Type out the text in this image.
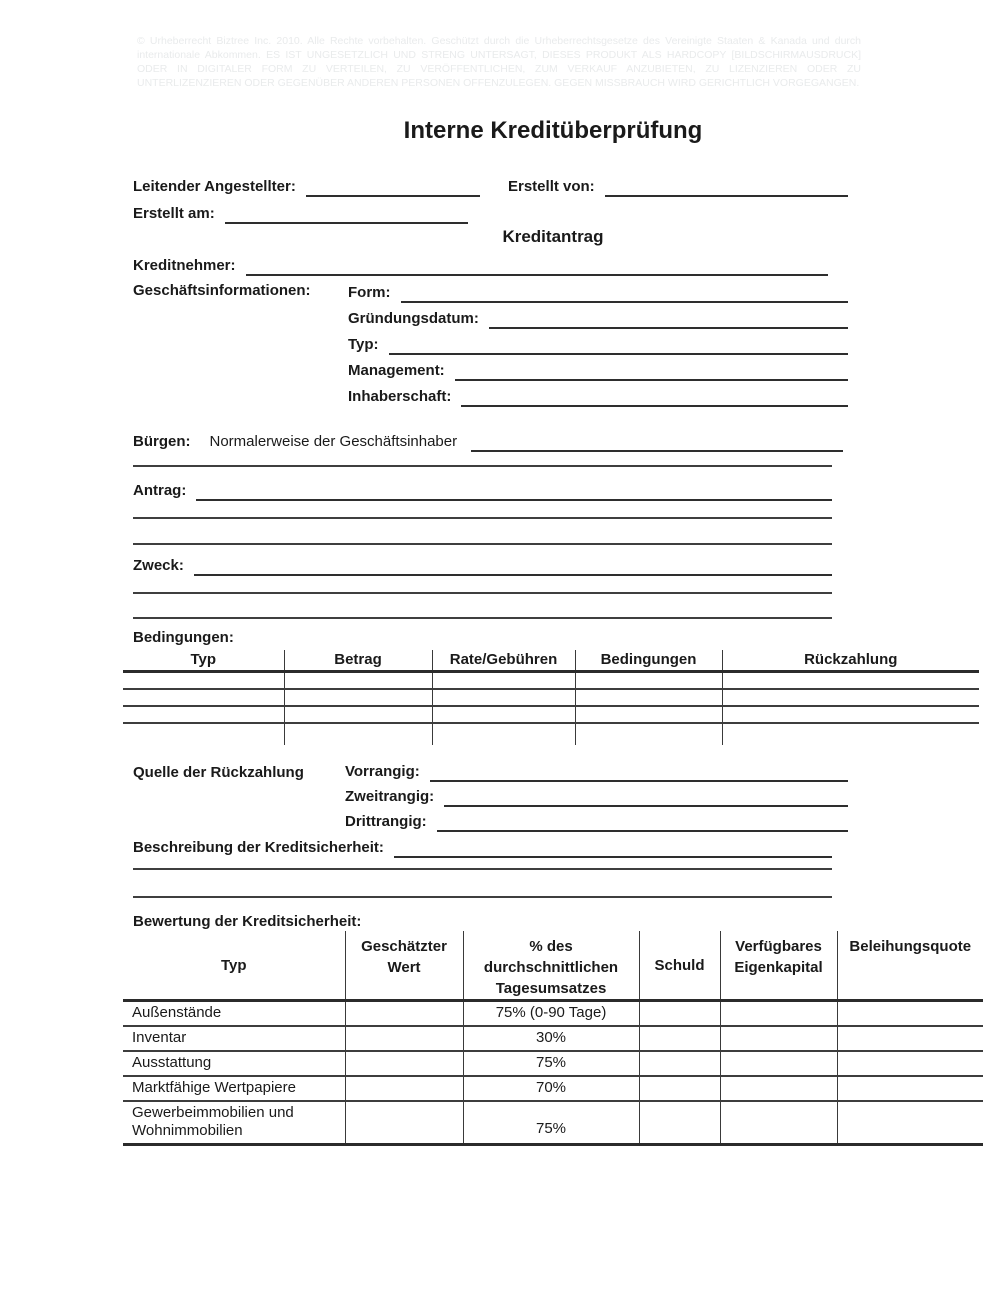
© Urheberrecht Biztree Inc. 2010. Alle Rechte vorbehalten. Geschützt durch die Urheberrechtsgesetze des Vereinigte Staaten & Kanada und durch internationale Abkommen. ES IST UNGESETZLICH UND STRENG UNTERSAGT, DIESES PRODUKT ALS HARDCOPY [BILDSCHIRMAUSDRUCK] ODER IN DIGITALER FORM ZU VERTEILEN, ZU VERÖFFENTLICHEN, ZUM VERKAUF ANZUBIETEN, ZU LIZENZIEREN ODER ZU UNTERLIZENZIEREN ODER GEGENÜBER ANDEREN PERSONEN OFFENZULEGEN. GEGEN MISSBRAUCH WIRD GERICHTLICH VORGEGANGEN.
Interne Kreditüberprüfung
Leitender Angestellter:	Erstellt von:
Erstellt am:
Kreditantrag
Kreditnehmer:
Geschäftsinformationen: Form:
Gründungsdatum:
Typ:
Management:
Inhaberschaft:
Bürgen: Normalerweise der Geschäftsinhaber
Antrag:
Zweck:
Bedingungen:
Typ	Betrag	Rate/Gebühren	Bedingungen	Rückzahlung

Quelle der Rückzahlung	Vorrangig:
Zweitrangig:
Drittrangig:
Beschreibung der Kreditsicherheit:
Bewertung der Kreditsicherheit:
Typ	Geschätzter Wert	% des durchschnittlichen Tagesumsatzes	Schuld	Verfügbares Eigenkapital	Beleihungsquote
Außenstände		75% (0-90 Tage)			
Inventar		30%			
Ausstattung		75%			
Marktfähige Wertpapiere		70%			
Gewerbeimmobilien und Wohnimmobilien		75%			
